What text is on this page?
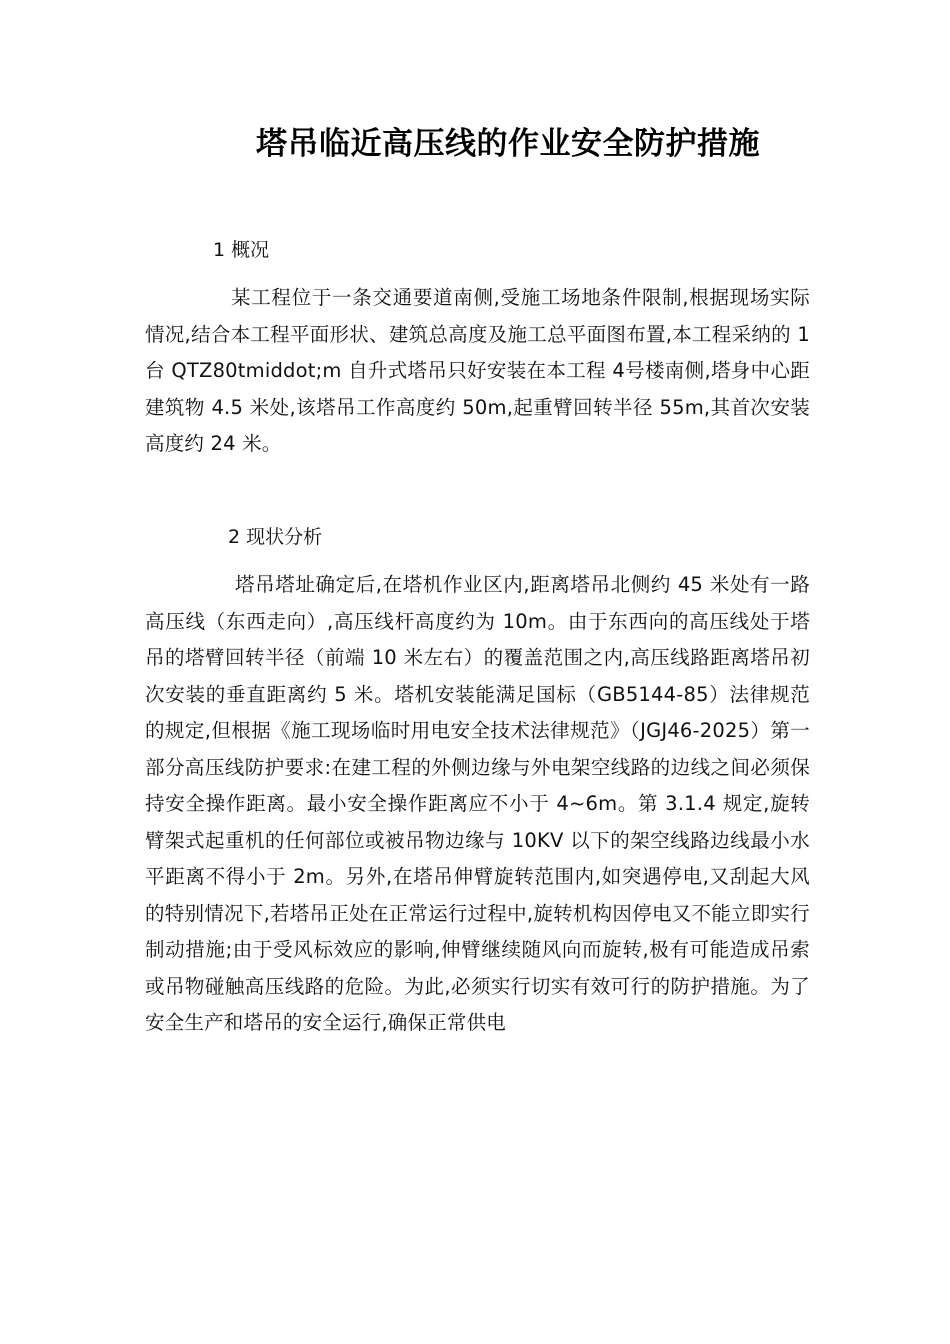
塔吊临近高压线的作业安全防护措施
1 概况
某工程位于一条交通要道南侧,受施工场地条件限制,根据现场实际情况,结合本工程平面形状、建筑总高度及施工总平面图布置,本工程采纳的 1 台 QTZ80tmiddot;m 自升式塔吊只好安装在本工程 4号楼南侧,塔身中心距建筑物 4.5 米处,该塔吊工作高度约 50m,起重臂回转半径 55m,其首次安装高度约 24 米。
2 现状分析
塔吊塔址确定后,在塔机作业区内,距离塔吊北侧约 45 米处有一路高压线（东西走向）,高压线杆高度约为 10m。由于东西向的高压线处于塔吊的塔臂回转半径（前端 10 米左右）的覆盖范围之内,高压线路距离塔吊初次安装的垂直距离约 5 米。塔机安装能满足国标（GB5144-85）法律规范的规定,但根据《施工现场临时用电安全技术法律规范》（JGJ46-2025）第一部分高压线防护要求:在建工程的外侧边缘与外电架空线路的边线之间必须保持安全操作距离。最小安全操作距离应不小于 4~6m。第 3.1.4 规定,旋转臂架式起重机的任何部位或被吊物边缘与 10KV 以下的架空线路边线最小水平距离不得小于 2m。另外,在塔吊伸臂旋转范围内,如突遇停电,又刮起大风的特别情况下,若塔吊正处在正常运行过程中,旋转机构因停电又不能立即实行制动措施;由于受风标效应的影响,伸臂继续随风向而旋转,极有可能造成吊索或吊物碰触高压线路的危险。为此,必须实行切实有效可行的防护措施。为了安全生产和塔吊的安全运行,确保正常供电
